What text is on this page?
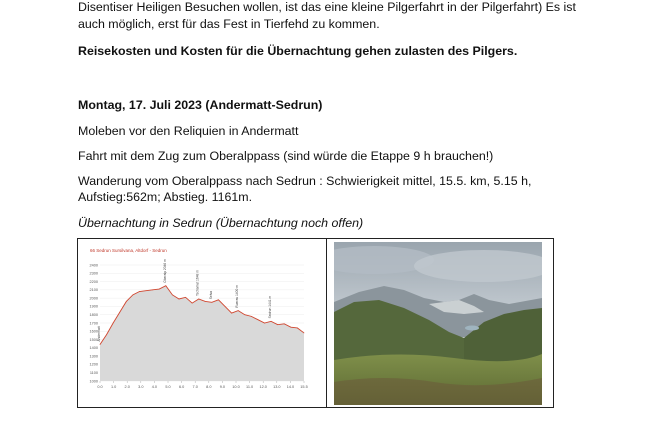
Disentiser Heiligen Besuchen wollen, ist das eine kleine Pilgerfahrt in der Pilgerfahrt) Es ist

auch möglich, erst für das Fest in Tierfehd zu kommen.

Reisekosten und Kosten für die Übernachtung gehen zulasten des Pilgers.

Montag, 17. Juli 2023 (Andermatt-Sedrun)

Moleben vor den Reliquien in Andermatt

Fahrt mit dem Zug zum Oberalppass (sind würde die Etappe 9 h brauchen!)

Wanderung vom Oberalppass nach Sedrun : Schwierigkeit mittel, 15.5. km, 5.15 h,

Aufstieg:562m; Abstieg. 1161m.

Übernachtung in Sedrun (Übernachtung noch offen)

66 Sedrun Sursilvana, Altdorf - Sedrun
1000
1100
1200
1300
1400
1500
1600
1700
1800
1900
2000
2100
2200
2300
2400
0.0 1.0 2.0 3.0 4.0 5.0 6.0 7.0 8.0 9.0 10.0 11.0 12.0 13.0 14.0 15.5
Andermatt
Oberalp 2046 m	Tschamut 1648 m	Selva	Rueras 1400 m	Sedrun 1441 m
